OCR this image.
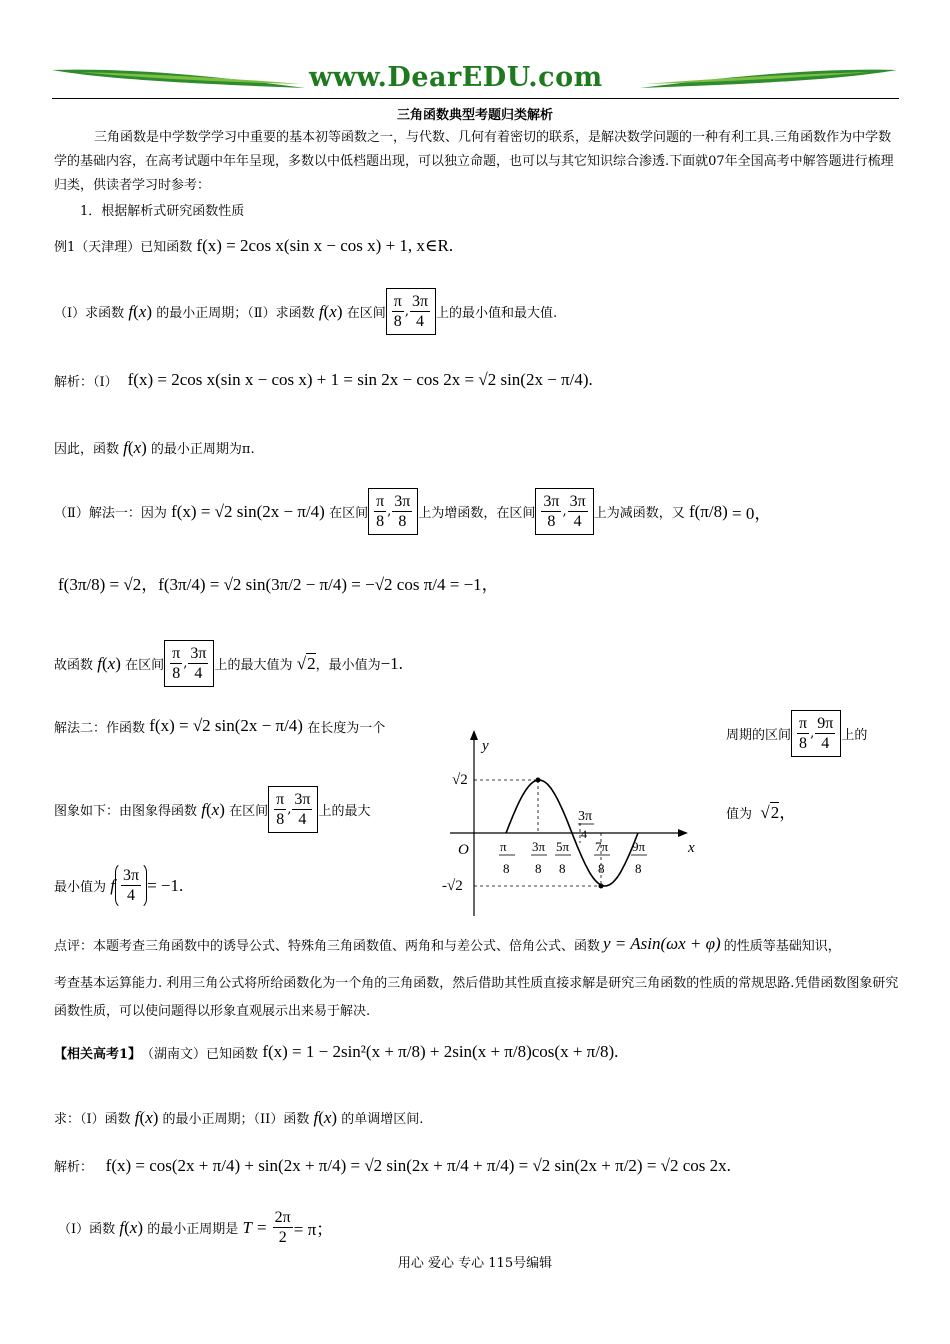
www.DearEDU.com
三角函数典型考题归类解析
三角函数是中学数学学习中重要的基本初等函数之一，与代数、几何有着密切的联系，是解决数学问题的一种有利工具.三角函数作为中学数学的基础内容，在高考试题中年年呈现，多数以中低档题出现，可以独立命题，也可以与其它知识综合渗透.下面就07年全国高考中解答题进行梳理归类，供读者学习时参考：
1．根据解析式研究函数性质
例1（天津理）已知函数 f(x) = 2cos x(sin x − cos x) + 1, x∈R.
（Ⅰ）求函数 f ( x ) 的最小正周期；（Ⅱ）求函数 f ( x ) 在区间 $\frac{\pi}{8}$ , $\frac{3\pi}{4}$ 上的最小值和最大值.
解析：（Ⅰ） f(x) = 2cos x(sin x − cos x) + 1 = sin 2x − cos 2x = √2 sin(2x − π/4).
因此，函数 f(x) 的最小正周期为π.
（Ⅱ）解法一：因为 f(x) = √2 sin(2x − π/4) 在区间 $\frac{\pi}{8}$ , $\frac{3\pi}{8}$ 上为增函数，在区间 $\frac{3\pi}{8}$ , $\frac{3\pi}{4}$ 上为减函数，又 f(π/8) = 0，
f(3π/8) = √2，f(3π/4) = √2 sin(3π/2 − π/4) = −√2 cos π/4 = −1，
故函数 f ( x ) 在区间 $\frac{\pi}{8}$ , $\frac{3\pi}{4}$ 上的最大值为 √2 ，最小值为 −1.
解法二：作函数 f(x) = √2 sin(2x − π/4) 在长度为一个	周期的区间 $\frac{\pi}{8}$ , $\frac{9\pi}{4}$ 上的
图象如下：由图象得函数 f ( x ) 在区间 $\frac{\pi}{8}$ , $\frac{3\pi}{4}$ 上的最大	值为  √2，
最小值为 f $\frac{3\pi}{4} = -1$.
y
x
O
√2
-√2
π
8
3π
8
5π
8
7π
8
9π
8
3π
4
点评：本题考查三角函数中的诱导公式、特殊角三角函数值、两角和与差公式、倍角公式、函数 y = Asin(ωx + φ) 的性质等基础知识，
考查基本运算能力. 利用三角公式将所给函数化为一个角的三角函数，然后借助其性质直接求解是研究三角函数的性质的常规思路.凭借函数图象研究函数性质，可以使问题得以形象直观展示出来易于解决.
【相关高考1】 （湖南文）已知函数 f(x) = 1 − 2sin²(x + π/8) + 2sin(x + π/8)cos(x + π/8).
求：（I）函数 f(x) 的最小正周期；（II）函数 f(x) 的单调增区间.
解析：   f(x) = cos(2x + π/4) + sin(2x + π/4) = √2 sin(2x + π/4 + π/4) = √2 sin(2x + π/2) = √2 cos 2x.
（I）函数 f ( x ) 的最小正周期是 $T = \frac{2\pi}{2} = \pi$；
用心 爱心 专心 115号编辑
